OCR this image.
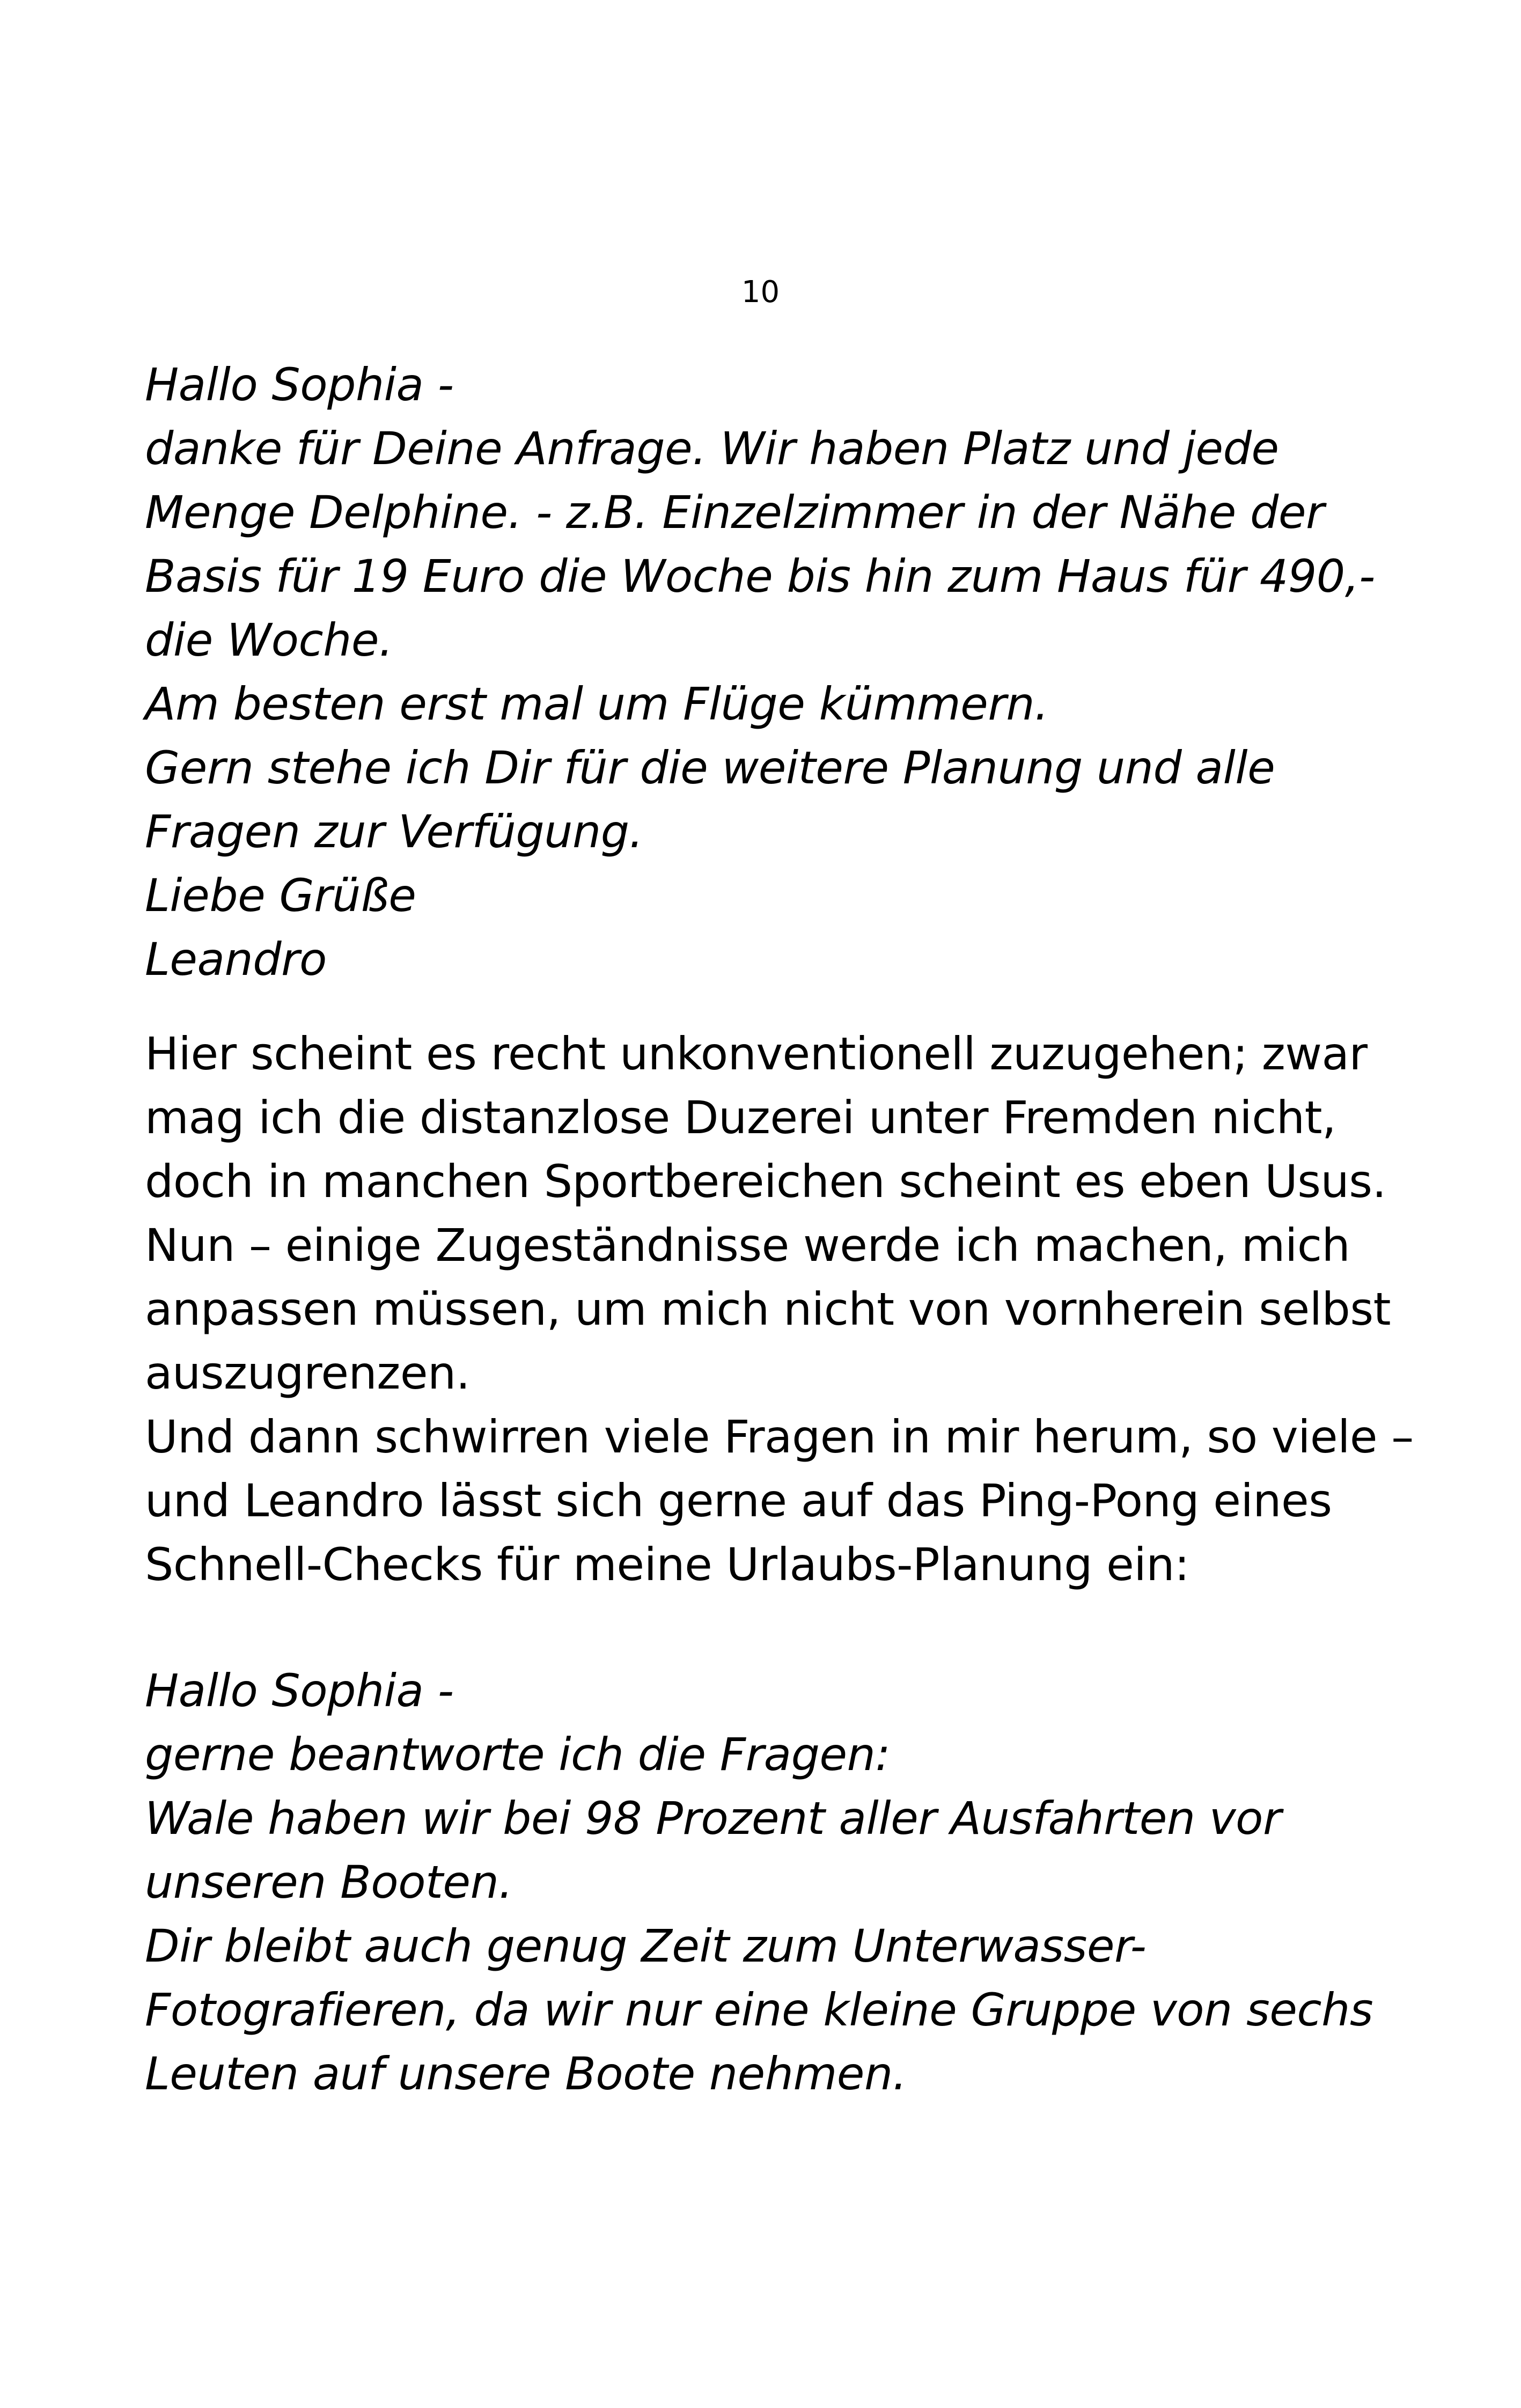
10
Hallo Sophia -
danke für Deine Anfrage. Wir haben Platz und jede
Menge Delphine. - z.B. Einzelzimmer in der Nähe der
Basis für 19 Euro die Woche bis hin zum Haus für 490,-
die Woche.
Am besten erst mal um Flüge kümmern.
Gern stehe ich Dir für die weitere Planung und alle
Fragen zur Verfügung.
Liebe Grüße
Leandro
Hier scheint es recht unkonventionell zuzugehen; zwar
mag ich die distanzlose Duzerei unter Fremden nicht,
doch in manchen Sportbereichen scheint es eben Usus.
Nun – einige Zugeständnisse werde ich machen, mich
anpassen müssen, um mich nicht von vornherein selbst
auszugrenzen.
Und dann schwirren viele Fragen in mir herum, so viele –
und Leandro lässt sich gerne auf das Ping-Pong eines
Schnell-Checks für meine Urlaubs-Planung ein:
Hallo Sophia -
gerne beantworte ich die Fragen:
Wale haben wir bei 98 Prozent aller Ausfahrten vor
unseren Booten.
Dir bleibt auch genug Zeit zum Unterwasser-
Fotografieren, da wir nur eine kleine Gruppe von sechs
Leuten auf unsere Boote nehmen.
